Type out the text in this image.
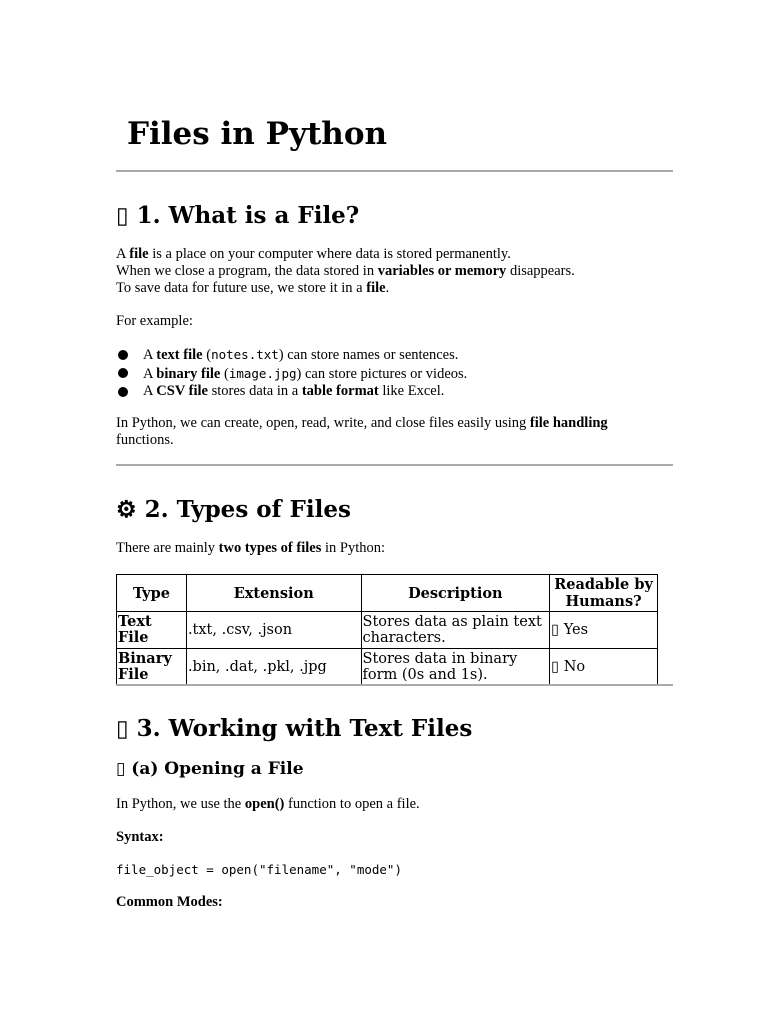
Files in Python
▯ 1. What is a File?

A file is a place on your computer where data is stored permanently.
When we close a program, the data stored in variables or memory disappears.
To save data for future use, we store it in a file.

For example:

A text file (notes.txt) can store names or sentences.
A binary file (image.jpg) can store pictures or videos.
A CSV file stores data in a table format like Excel.

In Python, we can create, open, read, write, and close files easily using file handling
functions.

⚙ 2. Types of Files

There are mainly two types of files in Python:

Type	Extension	Description	Readable by Humans?
Text File	.txt, .csv, .json	Stores data as plain text characters.	▯ Yes
Binary File	.bin, .dat, .pkl, .jpg	Stores data in binary form (0s and 1s).	▯ No
▯ 3. Working with Text Files
▯ (a) Opening a File

In Python, we use the open() function to open a file.

Syntax:

file_object = open("filename", "mode")

Common Modes:
